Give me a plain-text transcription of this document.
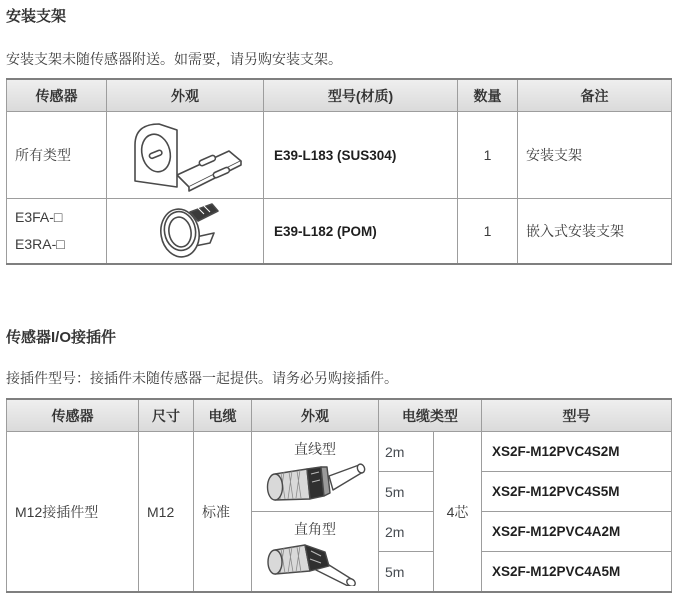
安装支架

安装支架未随传感器附送。如需要，请另购安装支架。

传感器	外观	型号(材质)	数量	备注
所有类型		E39-L183 (SUS304)	1	安装支架

E3FA-□
E3RA-□		E39-L182 (POM)	1	嵌入式安装支架
传感器I/O接插件

接插件型号：接插件未随传感器一起提供。请务必另购接插件。

传感器	尺寸	电缆	外观	电缆类型		型号
M12接插件型	M12	标准	直线型	2m	4芯	XS2F-M12PVC4S2M
				5m		XS2F-M12PVC4S5M

			直角型	2m		XS2F-M12PVC4A2M
				5m		XS2F-M12PVC4A5M
